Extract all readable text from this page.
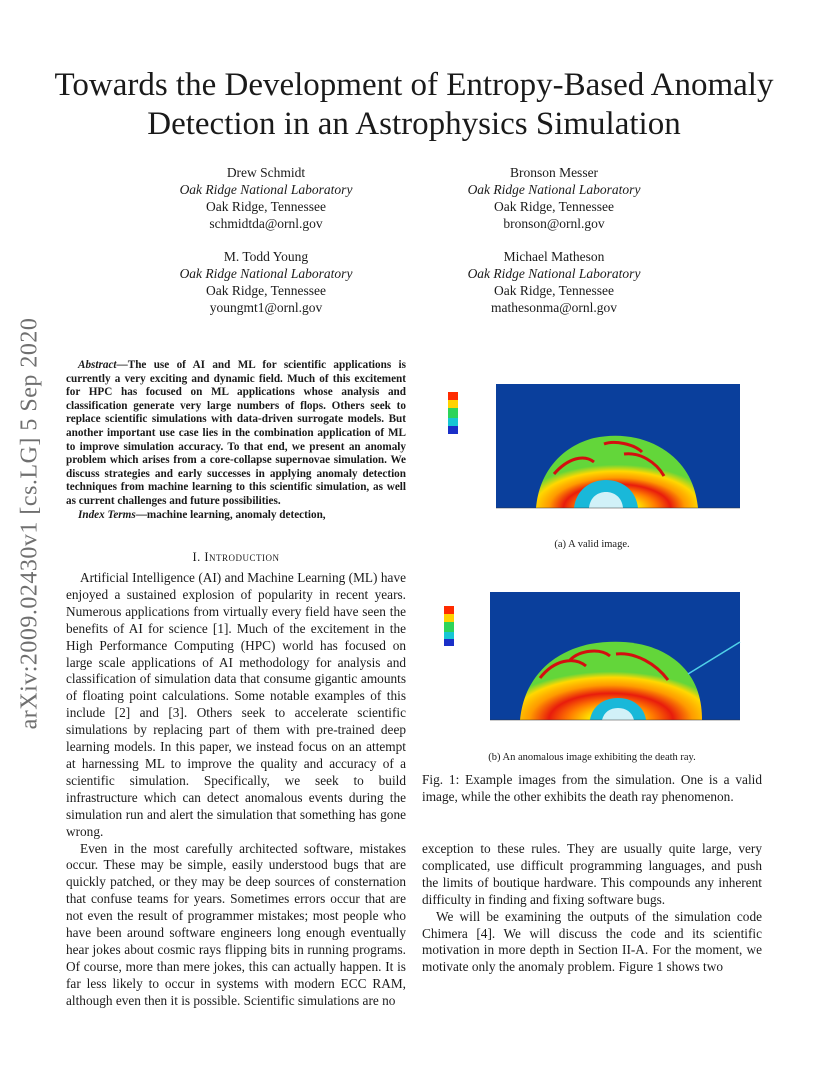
Towards the Development of Entropy-Based Anomaly Detection in an Astrophysics Simulation
Drew Schmidt
Oak Ridge National Laboratory
Oak Ridge, Tennessee
schmidtda@ornl.gov
Bronson Messer
Oak Ridge National Laboratory
Oak Ridge, Tennessee
bronson@ornl.gov
M. Todd Young
Oak Ridge National Laboratory
Oak Ridge, Tennessee
youngmt1@ornl.gov
Michael Matheson
Oak Ridge National Laboratory
Oak Ridge, Tennessee
mathesonma@ornl.gov
arXiv:2009.02430v1 [cs.LG] 5 Sep 2020	Abstract—The use of AI and ML for scientific applications is currently a very exciting and dynamic field. Much of this excitement for HPC has focused on ML applications whose analysis and classification generate very large numbers of flops. Others seek to replace scientific simulations with data-driven surrogate models. But another important use case lies in the combination application of ML to improve simulation accuracy. To that end, we present an anomaly problem which arises from a core-collapse supernovae simulation. We discuss strategies and early successes in applying anomaly detection techniques from machine learning to this scientific simulation, as well as current challenges and future possibilities.

Index Terms—machine learning, anomaly detection,

I. Introduction

Artificial Intelligence (AI) and Machine Learning (ML) have enjoyed a sustained explosion of popularity in recent years. Numerous applications from virtually every field have seen the benefits of AI for science [1]. Much of the excitement in the High Performance Computing (HPC) world has focused on large scale applications of AI methodology for analysis and classification of simulation data that consume gigantic amounts of floating point calculations. Some notable examples of this include [2] and [3]. Others seek to accelerate scientific simulations by replacing part of them with pre-trained deep learning models. In this paper, we instead focus on an attempt at harnessing ML to improve the quality and accuracy of a scientific simulation. Specifically, we seek to build infrastructure which can detect anomalous events during the simulation run and alert the simulation that something has gone wrong.

Even in the most carefully architected software, mistakes occur. These may be simple, easily understood bugs that are quickly patched, or they may be deep sources of consternation that confuse teams for years. Sometimes errors occur that are not even the result of programmer mistakes; most people who have been around software engineers long enough eventually hear jokes about cosmic rays flipping bits in running programs. Of course, more than mere jokes, this can actually happen. It is far less likely to occur in systems with modern ECC RAM, although even then it is possible. Scientific simulations are no

(a) A valid image.
(b) An anomalous image exhibiting the death ray.
Fig. 1: Example images from the simulation. One is a valid image, while the other exhibits the death ray phenomenon.

exception to these rules. They are usually quite large, very complicated, use difficult programming languages, and push the limits of boutique hardware. This compounds any inherent difficulty in finding and fixing software bugs.

We will be examining the outputs of the simulation code Chimera [4]. We will discuss the code and its scientific motivation in more depth in Section II-A. For the moment, we motivate only the anomaly problem. Figure 1 shows two
